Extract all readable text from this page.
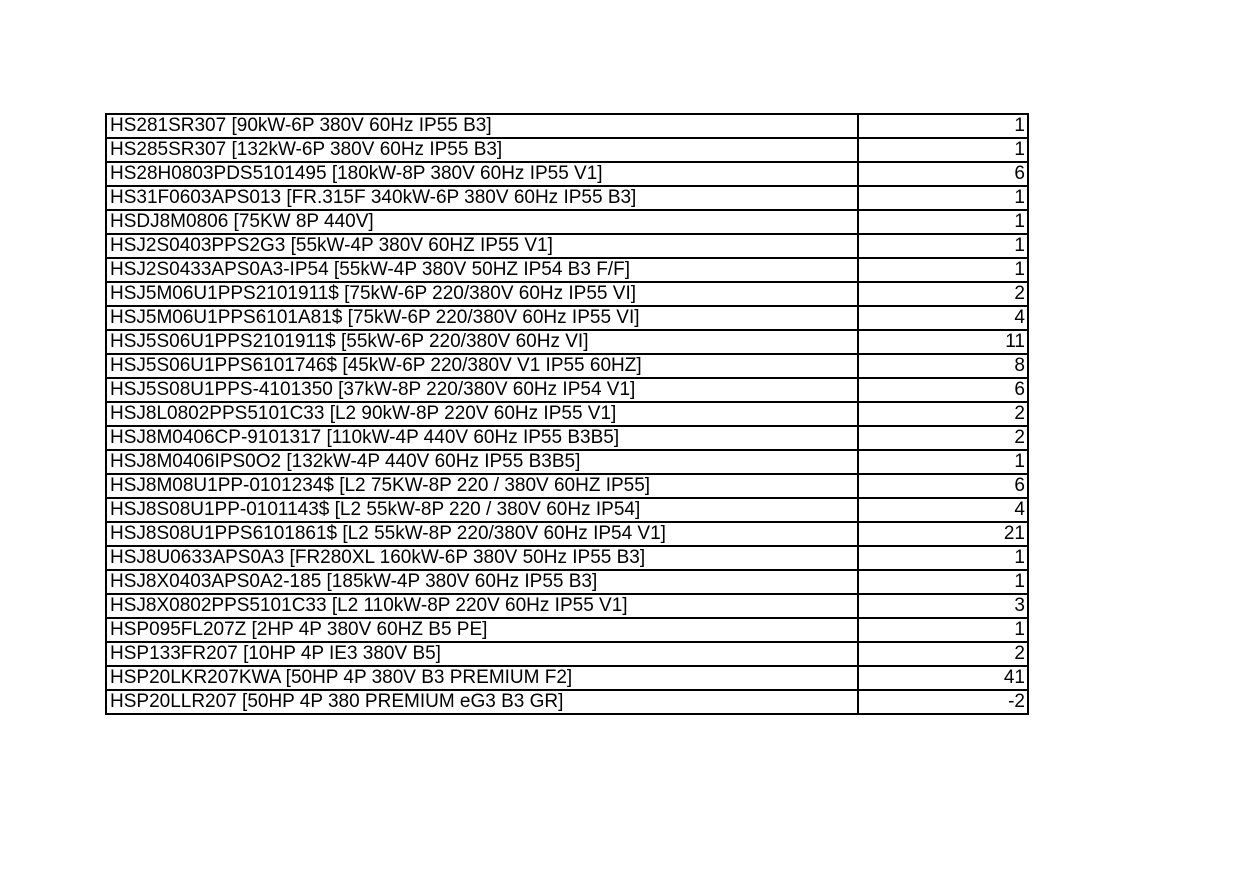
HS281SR307 [90kW-6P 380V 60Hz IP55 B3]	1
HS285SR307 [132kW-6P 380V 60Hz IP55 B3]	1
HS28H0803PDS5101495 [180kW-8P 380V 60Hz IP55 V1]	6
HS31F0603APS013 [FR.315F 340kW-6P 380V 60Hz IP55 B3]	1
HSDJ8M0806 [75KW 8P 440V]	1
HSJ2S0403PPS2G3 [55kW-4P 380V 60HZ IP55 V1]	1
HSJ2S0433APS0A3-IP54 [55kW-4P 380V 50HZ IP54 B3 F/F]	1
HSJ5M06U1PPS2101911$ [75kW-6P 220/380V 60Hz IP55 VI]	2
HSJ5M06U1PPS6101A81$ [75kW-6P 220/380V 60Hz IP55 VI]	4
HSJ5S06U1PPS2101911$ [55kW-6P 220/380V 60Hz VI]	11
HSJ5S06U1PPS6101746$ [45kW-6P 220/380V V1 IP55 60HZ]	8
HSJ5S08U1PPS-4101350 [37kW-8P 220/380V 60Hz IP54 V1]	6
HSJ8L0802PPS5101C33 [L2 90kW-8P 220V 60Hz IP55 V1]	2
HSJ8M0406CP-9101317 [110kW-4P 440V 60Hz IP55 B3B5]	2
HSJ8M0406IPS0O2 [132kW-4P 440V 60Hz IP55 B3B5]	1
HSJ8M08U1PP-0101234$ [L2 75KW-8P 220 / 380V 60HZ IP55]	6
HSJ8S08U1PP-0101143$ [L2 55kW-8P 220 / 380V 60Hz IP54]	4
HSJ8S08U1PPS6101861$ [L2 55kW-8P 220/380V 60Hz IP54 V1]	21
HSJ8U0633APS0A3 [FR280XL 160kW-6P 380V 50Hz IP55 B3]	1
HSJ8X0403APS0A2-185 [185kW-4P 380V 60Hz IP55 B3]	1
HSJ8X0802PPS5101C33 [L2 110kW-8P 220V 60Hz IP55 V1]	3
HSP095FL207Z [2HP 4P 380V 60HZ B5 PE]	1
HSP133FR207 [10HP 4P IE3 380V B5]	2
HSP20LKR207KWA [50HP 4P 380V B3 PREMIUM F2]	41
HSP20LLR207 [50HP 4P 380 PREMIUM eG3 B3 GR]	-2
